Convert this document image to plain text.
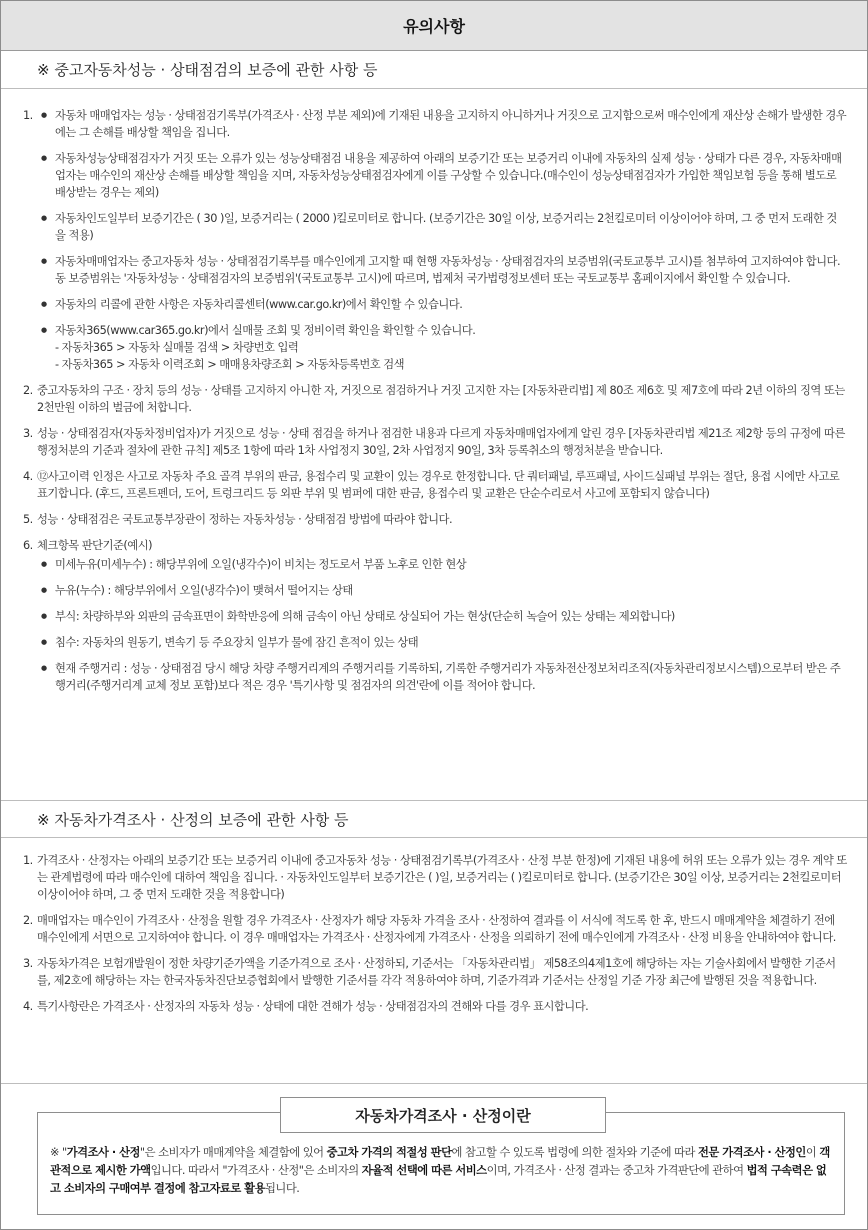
유의사항
※ 중고자동차성능 · 상태점검의 보증에 관한 사항 등
1.
●	자동차 매매업자는 성능 · 상태점검기록부(가격조사 · 산정 부분 제외)에 기재된 내용을 고지하지 아니하거나 거짓으로 고지함으로써 매수인에게 재산상 손해가 발생한 경우에는 그 손해를 배상할 책임을 집니다.
● 자동차성능상태점검자가 거짓 또는 오류가 있는 성능상태점검 내용을 제공하여 아래의 보증기간 또는 보증거리 이내에 자동차의 실제 성능 · 상태가 다른 경우, 자동차매매업자는 매수인의 재산상 손해를 배상할 책임을 지며, 자동차성능상태점검자에게 이를 구상할 수 있습니다.(매수인이 성능상태점검자가 가입한 책임보험 등을 통해 별도로 배상받는 경우는 제외)
● 자동차인도일부터 보증기간은 ( 30 )일, 보증거리는 ( 2000 )킬로미터로 합니다. (보증기간은 30일 이상, 보증거리는 2천킬로미터 이상이어야 하며, 그 중 먼저 도래한 것을 적용)
● 자동차매매업자는 중고자동차 성능 · 상태점검기록부를 매수인에게 고지할 때 현행 자동차성능 · 상태점검자의 보증범위(국토교통부 고시)를 첨부하여 고지하여야 합니다. 동 보증범위는 '자동차성능 · 상태점검자의 보증범위'(국토교통부 고시)에 따르며, 법제처 국가법령정보센터 또는 국토교통부 홈페이지에서 확인할 수 있습니다.
● 자동차의 리콜에 관한 사항은 자동차리콜센터(www.car.go.kr)에서 확인할 수 있습니다.
● 자동차365(www.car365.go.kr)에서 실매물 조회 및 정비이력 확인을 확인할 수 있습니다.
- 자동차365 > 자동차 실매물 검색 > 차량번호 입력
- 자동차365 > 자동차 이력조회 > 매매용차량조회 > 자동차등록번호 검색
2. 중고자동차의 구조 · 장치 등의 성능 · 상태를 고지하지 아니한 자, 거짓으로 점검하거나 거짓 고지한 자는 [자동차관리법] 제 80조 제6호 및 제7호에 따라 2년 이하의 징역 또는 2천만원 이하의 벌금에 처합니다.
3. 성능 · 상태점검자(자동차정비업자)가 거짓으로 성능 · 상태 점검을 하거나 점검한 내용과 다르게 자동차매매업자에게 알린 경우 [자동차관리법 제21조 제2항 등의 규정에 따른 행정처분의 기준과 절차에 관한 규칙] 제5조 1항에 따라 1차 사업정지 30일, 2차 사업정지 90일, 3차 등록취소의 행정처분을 받습니다.
4. ⑫사고이력 인정은 사고로 자동차 주요 골격 부위의 판금, 용접수리 및 교환이 있는 경우로 한정합니다. 단 쿼터패널, 루프패널, 사이드실패널 부위는 절단, 용접 시에만 사고로 표기합니다. (후드, 프론트펜더, 도어, 트렁크리드 등 외판 부위 및 범퍼에 대한 판금, 용접수리 및 교환은 단순수리로서 사고에 포함되지 않습니다)
5. 성능 · 상태점검은 국토교통부장관이 정하는 자동차성능 · 상태점검 방법에 따라야 합니다.
6. 체크항목 판단기준(예시)
● 미세누유(미세누수) : 해당부위에 오일(냉각수)이 비치는 정도로서 부품 노후로 인한 현상
● 누유(누수) : 해당부위에서 오일(냉각수)이 맺혀서 떨어지는 상태
● 부식: 차량하부와 외판의 금속표면이 화학반응에 의해 금속이 아닌 상태로 상실되어 가는 현상(단순히 녹슬어 있는 상태는 제외합니다)
● 침수: 자동차의 원동기, 변속기 등 주요장치 일부가 물에 잠긴 흔적이 있는 상태
● 현재 주행거리 : 성능 · 상태점검 당시 해당 차량 주행거리계의 주행거리를 기록하되, 기록한 주행거리가 자동차전산정보처리조직(자동차관리정보시스템)으로부터 받은 주행거리(주행거리계 교체 정보 포함)보다 적은 경우 '특기사항 및 점검자의 의견'란에 이를 적어야 합니다.
※ 자동차가격조사 · 산정의 보증에 관한 사항 등
1. 가격조사 · 산정자는 아래의 보증기간 또는 보증거리 이내에 중고자동차 성능 · 상태점검기록부(가격조사 · 산정 부분 한정)에 기재된 내용에 허위 또는 오류가 있는 경우 계약 또는 관계법령에 따라 매수인에 대하여 책임을 집니다. · 자동차인도일부터 보증기간은 ( )일, 보증거리는 ( )킬로미터로 합니다. (보증기간은 30일 이상, 보증거리는 2천킬로미터 이상이어야 하며, 그 중 먼저 도래한 것을 적용합니다)
2. 매매업자는 매수인이 가격조사 · 산정을 원할 경우 가격조사 · 산정자가 해당 자동차 가격을 조사 · 산정하여 결과를 이 서식에 적도록 한 후, 반드시 매매계약을 체결하기 전에 매수인에게 서면으로 고지하여야 합니다. 이 경우 매매업자는 가격조사 · 산정자에게 가격조사 · 산정을 의뢰하기 전에 매수인에게 가격조사 · 산정 비용을 안내하여야 합니다.
3. 자동차가격은 보험개발원이 정한 차량기준가액을 기준가격으로 조사 · 산정하되, 기준서는 「자동차관리법」 제58조의4제1호에 해당하는 자는 기술사회에서 발행한 기준서를, 제2호에 해당하는 자는 한국자동차진단보증협회에서 발행한 기준서를 각각 적용하여야 하며, 기준가격과 기준서는 산정일 기준 가장 최근에 발행된 것을 적용합니다.
4. 특기사항란은 가격조사 · 산정자의 자동차 성능 · 상태에 대한 견해가 성능 · 상태점검자의 견해와 다를 경우 표시합니다.
자동차가격조사 · 산정이란
※ "가격조사 · 산정"은 소비자가 매매계약을 체결함에 있어 중고차 가격의 적절성 판단에 참고할 수 있도록 법령에 의한 절차와 기준에 따라 전문 가격조사 · 산정인이 객관적으로 제시한 가액입니다. 따라서 "가격조사 · 산정"은 소비자의 자율적 선택에 따른 서비스이며, 가격조사 · 산정 결과는 중고차 가격판단에 관하여 법적 구속력은 없고 소비자의 구매여부 결정에 참고자료로 활용됩니다.
